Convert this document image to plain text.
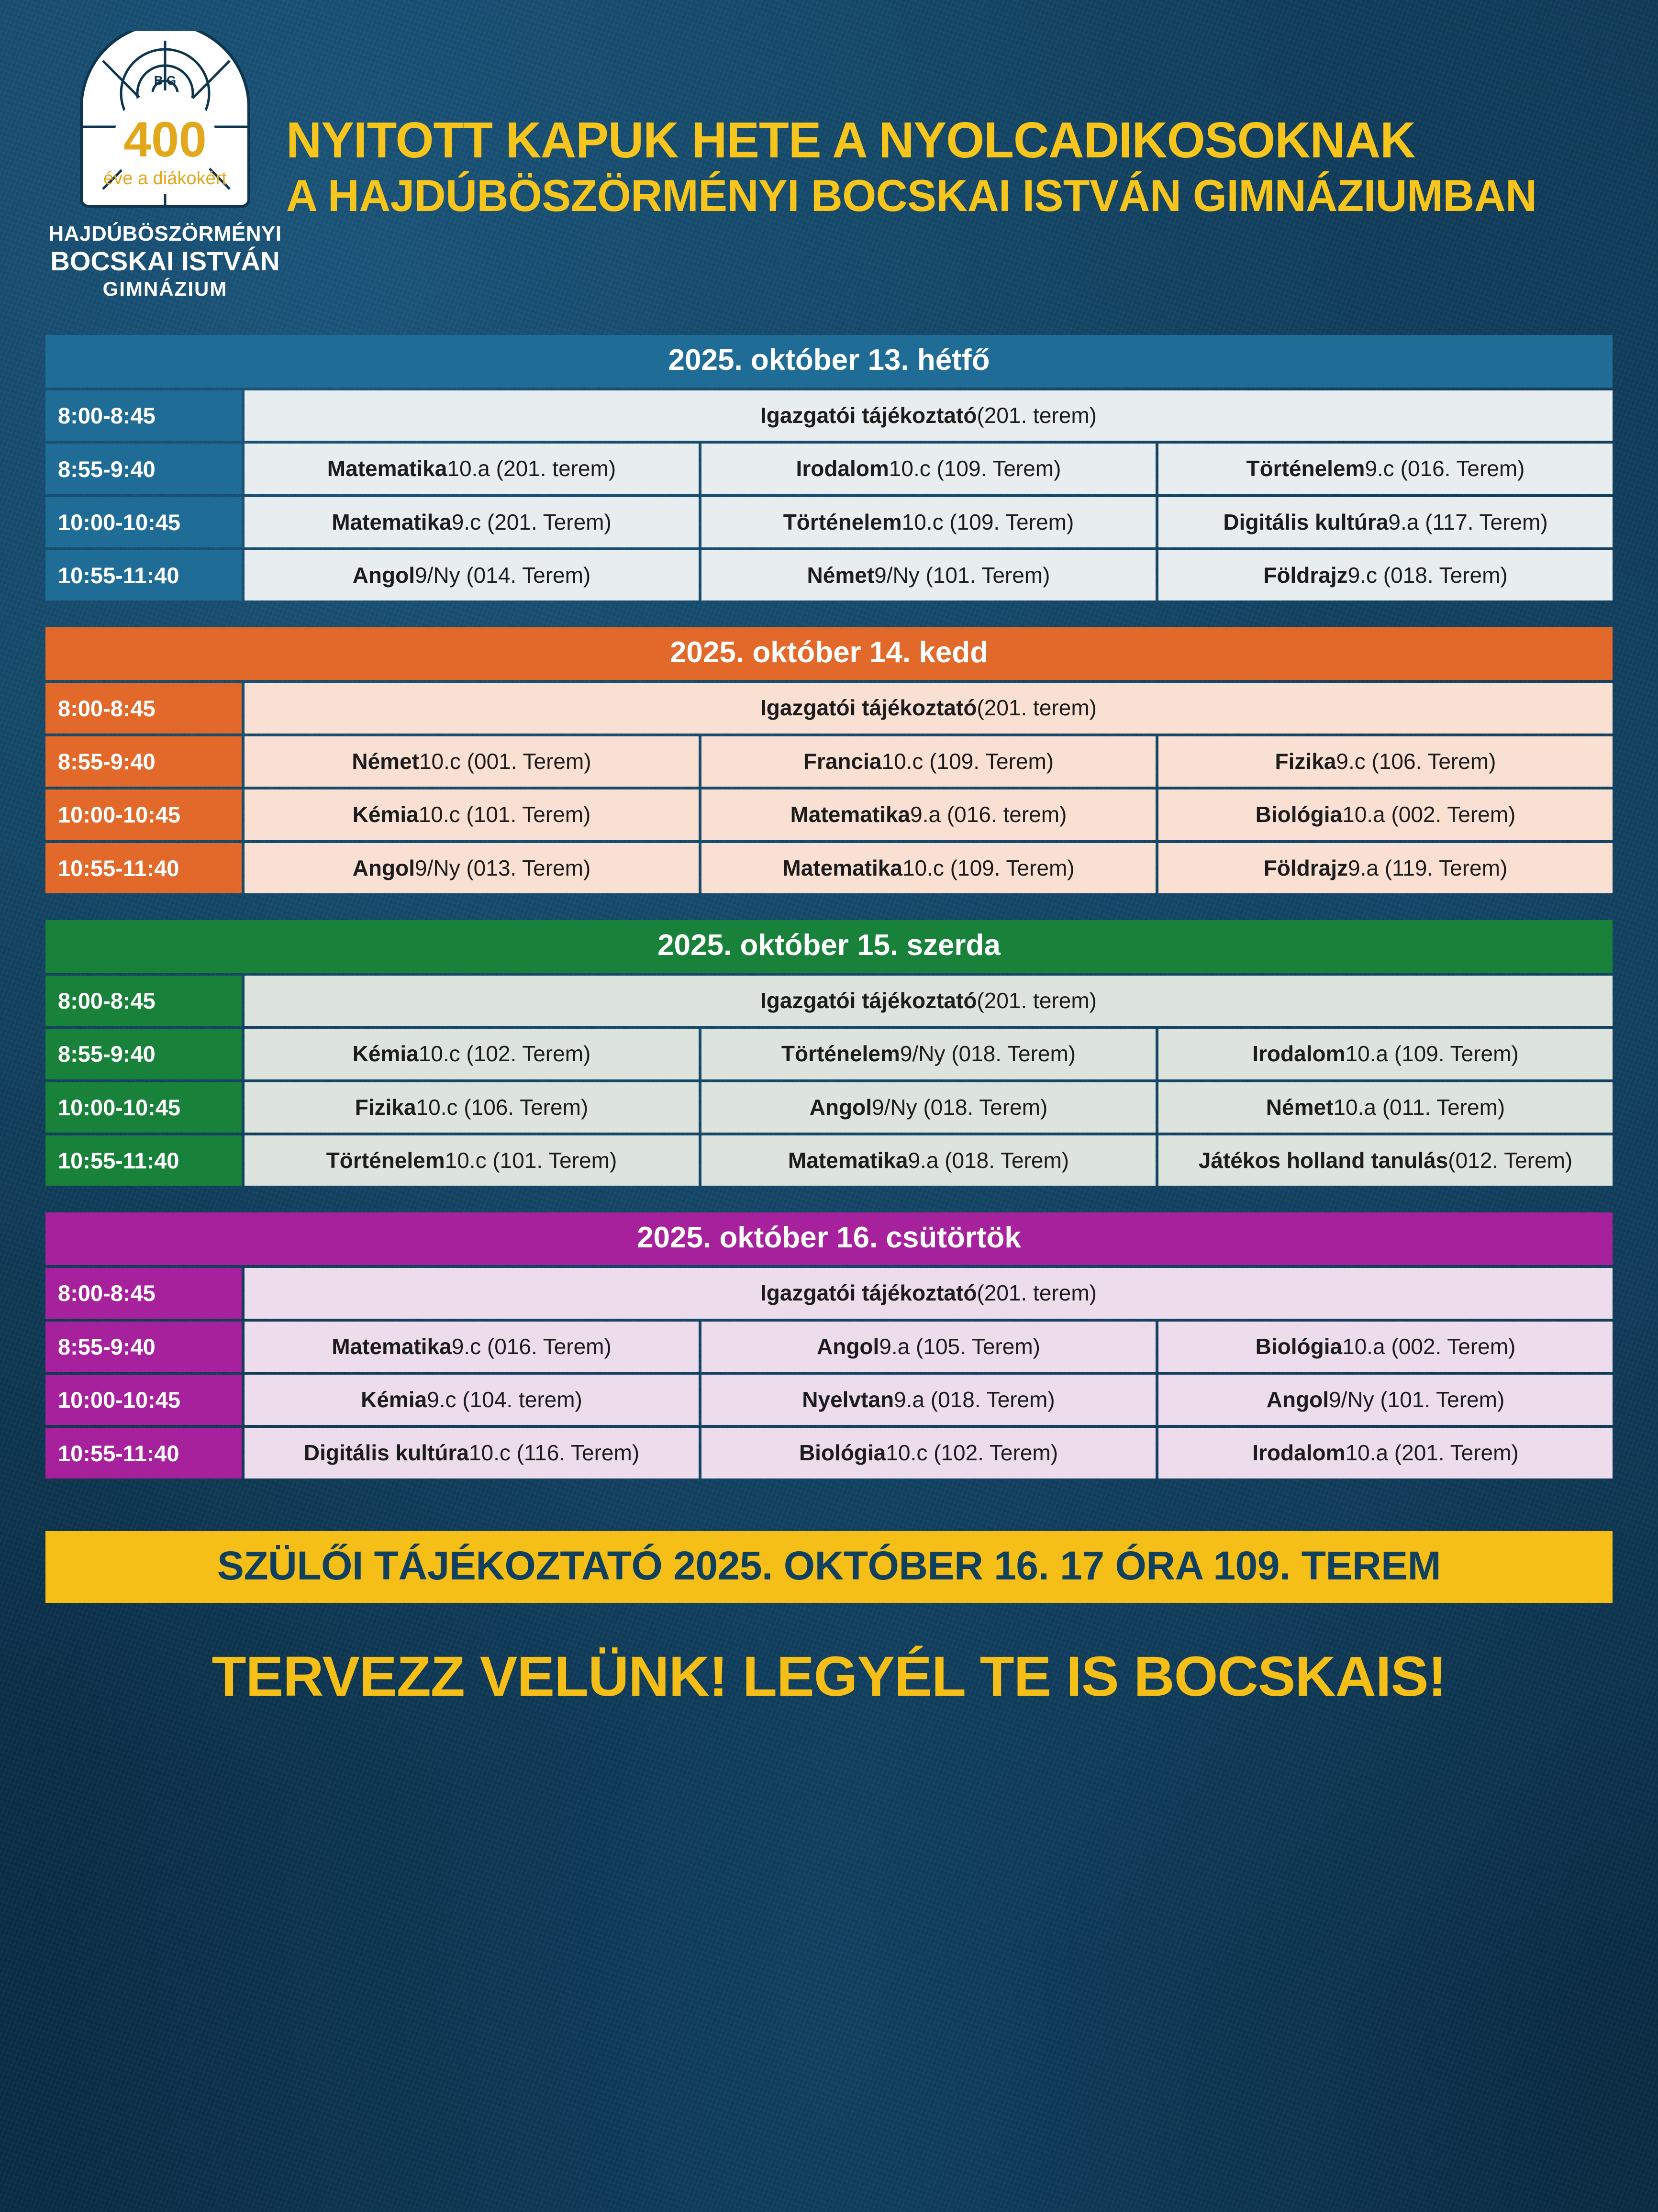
400
éve a diákokért
BIG
HAJDÚBÖSZÖRMÉNYI
BOCSKAI ISTVÁN
GIMNÁZIUM
NYITOTT KAPUK HETE A NYOLCADIKOSOKNAK
A HAJDÚBÖSZÖRMÉNYI BOCSKAI ISTVÁN GIMNÁZIUMBAN
2025. október 13. hétfő
8:00-8:45	Igazgatói tájékoztató (201. terem)
8:55-9:40	Matematika 10.a (201. terem)	Irodalom 10.c (109. Terem)	Történelem 9.c (016. Terem)
10:00-10:45	Matematika 9.c (201. Terem)	Történelem 10.c (109. Terem)	Digitális kultúra 9.a (117. Terem)
10:55-11:40	Angol 9/Ny (014. Terem)	Német 9/Ny (101. Terem)	Földrajz 9.c (018. Terem)
2025. október 14. kedd
8:00-8:45	Igazgatói tájékoztató (201. terem)
8:55-9:40	Német 10.c (001. Terem)	Francia 10.c (109. Terem)	Fizika 9.c (106. Terem)
10:00-10:45	Kémia 10.c (101. Terem)	Matematika 9.a (016. terem)	Biológia 10.a (002. Terem)
10:55-11:40	Angol 9/Ny (013. Terem)	Matematika 10.c (109. Terem)	Földrajz 9.a (119. Terem)
2025. október 15. szerda
8:00-8:45	Igazgatói tájékoztató (201. terem)
8:55-9:40	Kémia 10.c (102. Terem)	Történelem 9/Ny (018. Terem)	Irodalom 10.a (109. Terem)
10:00-10:45	Fizika 10.c (106. Terem)	Angol 9/Ny (018. Terem)	Német 10.a (011. Terem)
10:55-11:40	Történelem 10.c (101. Terem)	Matematika 9.a (018. Terem)	Játékos holland tanulás (012. Terem)
2025. október 16. csütörtök
8:00-8:45	Igazgatói tájékoztató (201. terem)
8:55-9:40	Matematika 9.c (016. Terem)	Angol 9.a (105. Terem)	Biológia 10.a (002. Terem)
10:00-10:45	Kémia 9.c (104. terem)	Nyelvtan 9.a (018. Terem)	Angol 9/Ny (101. Terem)
10:55-11:40	Digitális kultúra 10.c (116. Terem)	Biológia 10.c (102. Terem)	Irodalom 10.a (201. Terem)
SZÜLŐI TÁJÉKOZTATÓ 2025. OKTÓBER 16. 17 ÓRA 109. TEREM
TERVEZZ VELÜNK! LEGYÉL TE IS BOCSKAIS!
